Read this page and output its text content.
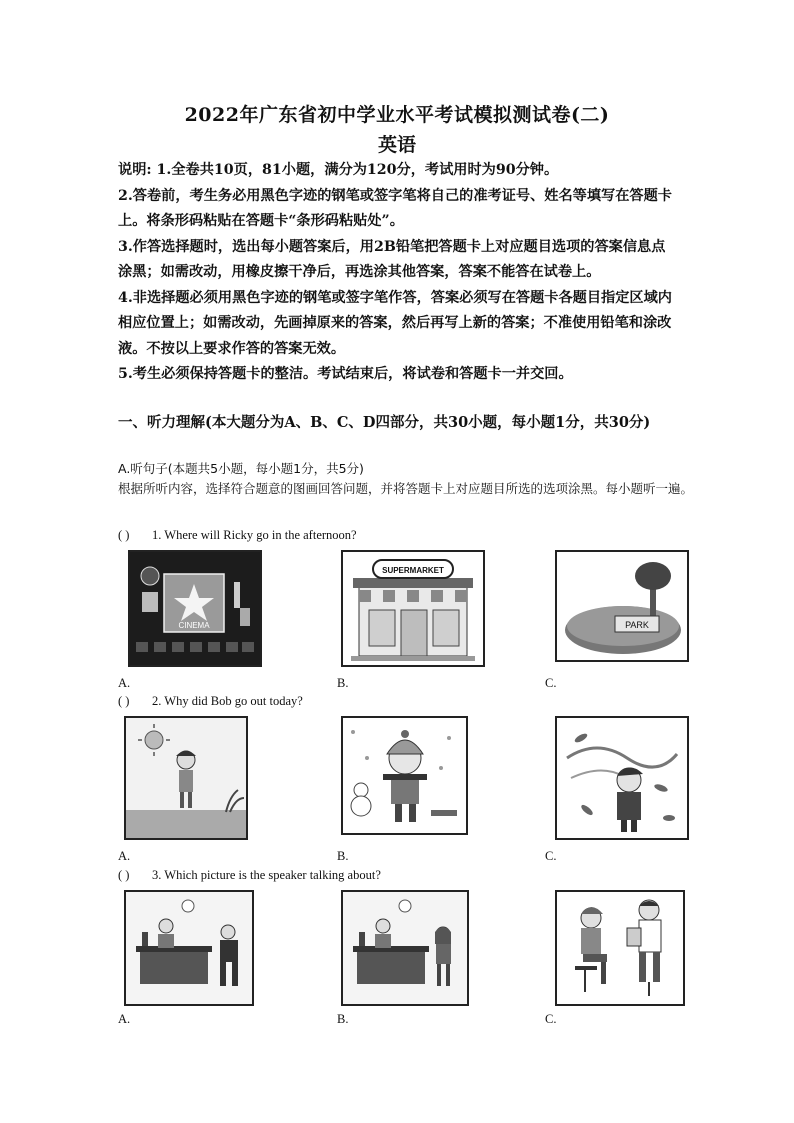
2022年广东省初中学业水平考试模拟测试卷(二)
英语

说明: 1.全卷共10页，81小题，满分为120分，考试用时为90分钟。

2.答卷前，考生务必用黑色字迹的钢笔或签字笔将自己的准考证号、姓名等填写在答题卡上。将条形码粘贴在答题卡“条形码粘贴处”。

3.作答选择题时，选出每小题答案后，用2B铅笔把答题卡上对应题目选项的答案信息点涂黑；如需改动，用橡皮擦干净后，再选涂其他答案，答案不能答在试卷上。

4.非选择题必须用黑色字迹的钢笔或签字笔作答，答案必须写在答题卡各题目指定区域内相应位置上；如需改动，先画掉原来的答案，然后再写上新的答案；不准使用铅笔和涂改液。不按以上要求作答的答案无效。

5.考生必须保持答题卡的整洁。考试结束后，将试卷和答题卡一并交回。

一、听力理解(本大题分为A、B、C、D四部分，共30小题，每小题1分，共30分)

A.听句子(本题共5小题，每小题1分，共5分)

根据所听内容，选择符合题意的图画回答问题，并将答题卡上对应题目所选的选项涂黑。每小题听一遍。

( ) 1. Where will Ricky go in the afternoon?
CINEMA
SUPERMARKET
PARK
A.	B.	C.
( ) 2. Why did Bob go out today?
A.	B.	C.
( ) 3. Which picture is the speaker talking about?
A.	B.	C.
